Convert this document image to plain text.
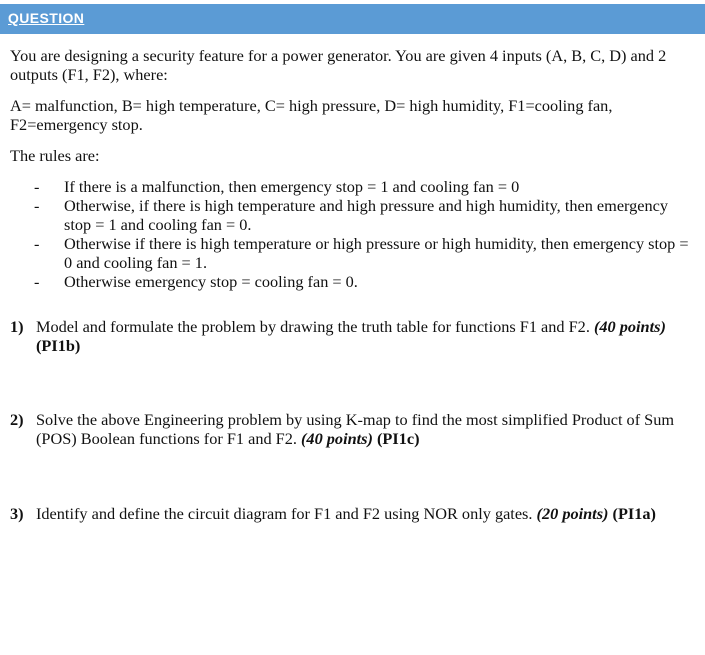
QUESTION

You are designing a security feature for a power generator. You are given 4 inputs (A, B, C, D) and 2 outputs (F1, F2), where:

A= malfunction, B= high temperature, C= high pressure, D= high humidity, F1=cooling fan, F2=emergency stop.

The rules are:

- If there is a malfunction, then emergency stop = 1 and cooling fan = 0
- Otherwise, if there is high temperature and high pressure and high humidity, then emergency stop = 1 and cooling fan = 0.
- Otherwise if there is high temperature or high pressure or high humidity, then emergency stop = 0 and cooling fan = 1.
- Otherwise emergency stop = cooling fan = 0.
1) Model and formulate the problem by drawing the truth table for functions F1 and F2. (40 points) (PI1b)
2) Solve the above Engineering problem by using K-map to find the most simplified Product of Sum (POS) Boolean functions for F1 and F2. (40 points) (PI1c)
3) Identify and define the circuit diagram for F1 and F2 using NOR only gates. (20 points) (PI1a)
